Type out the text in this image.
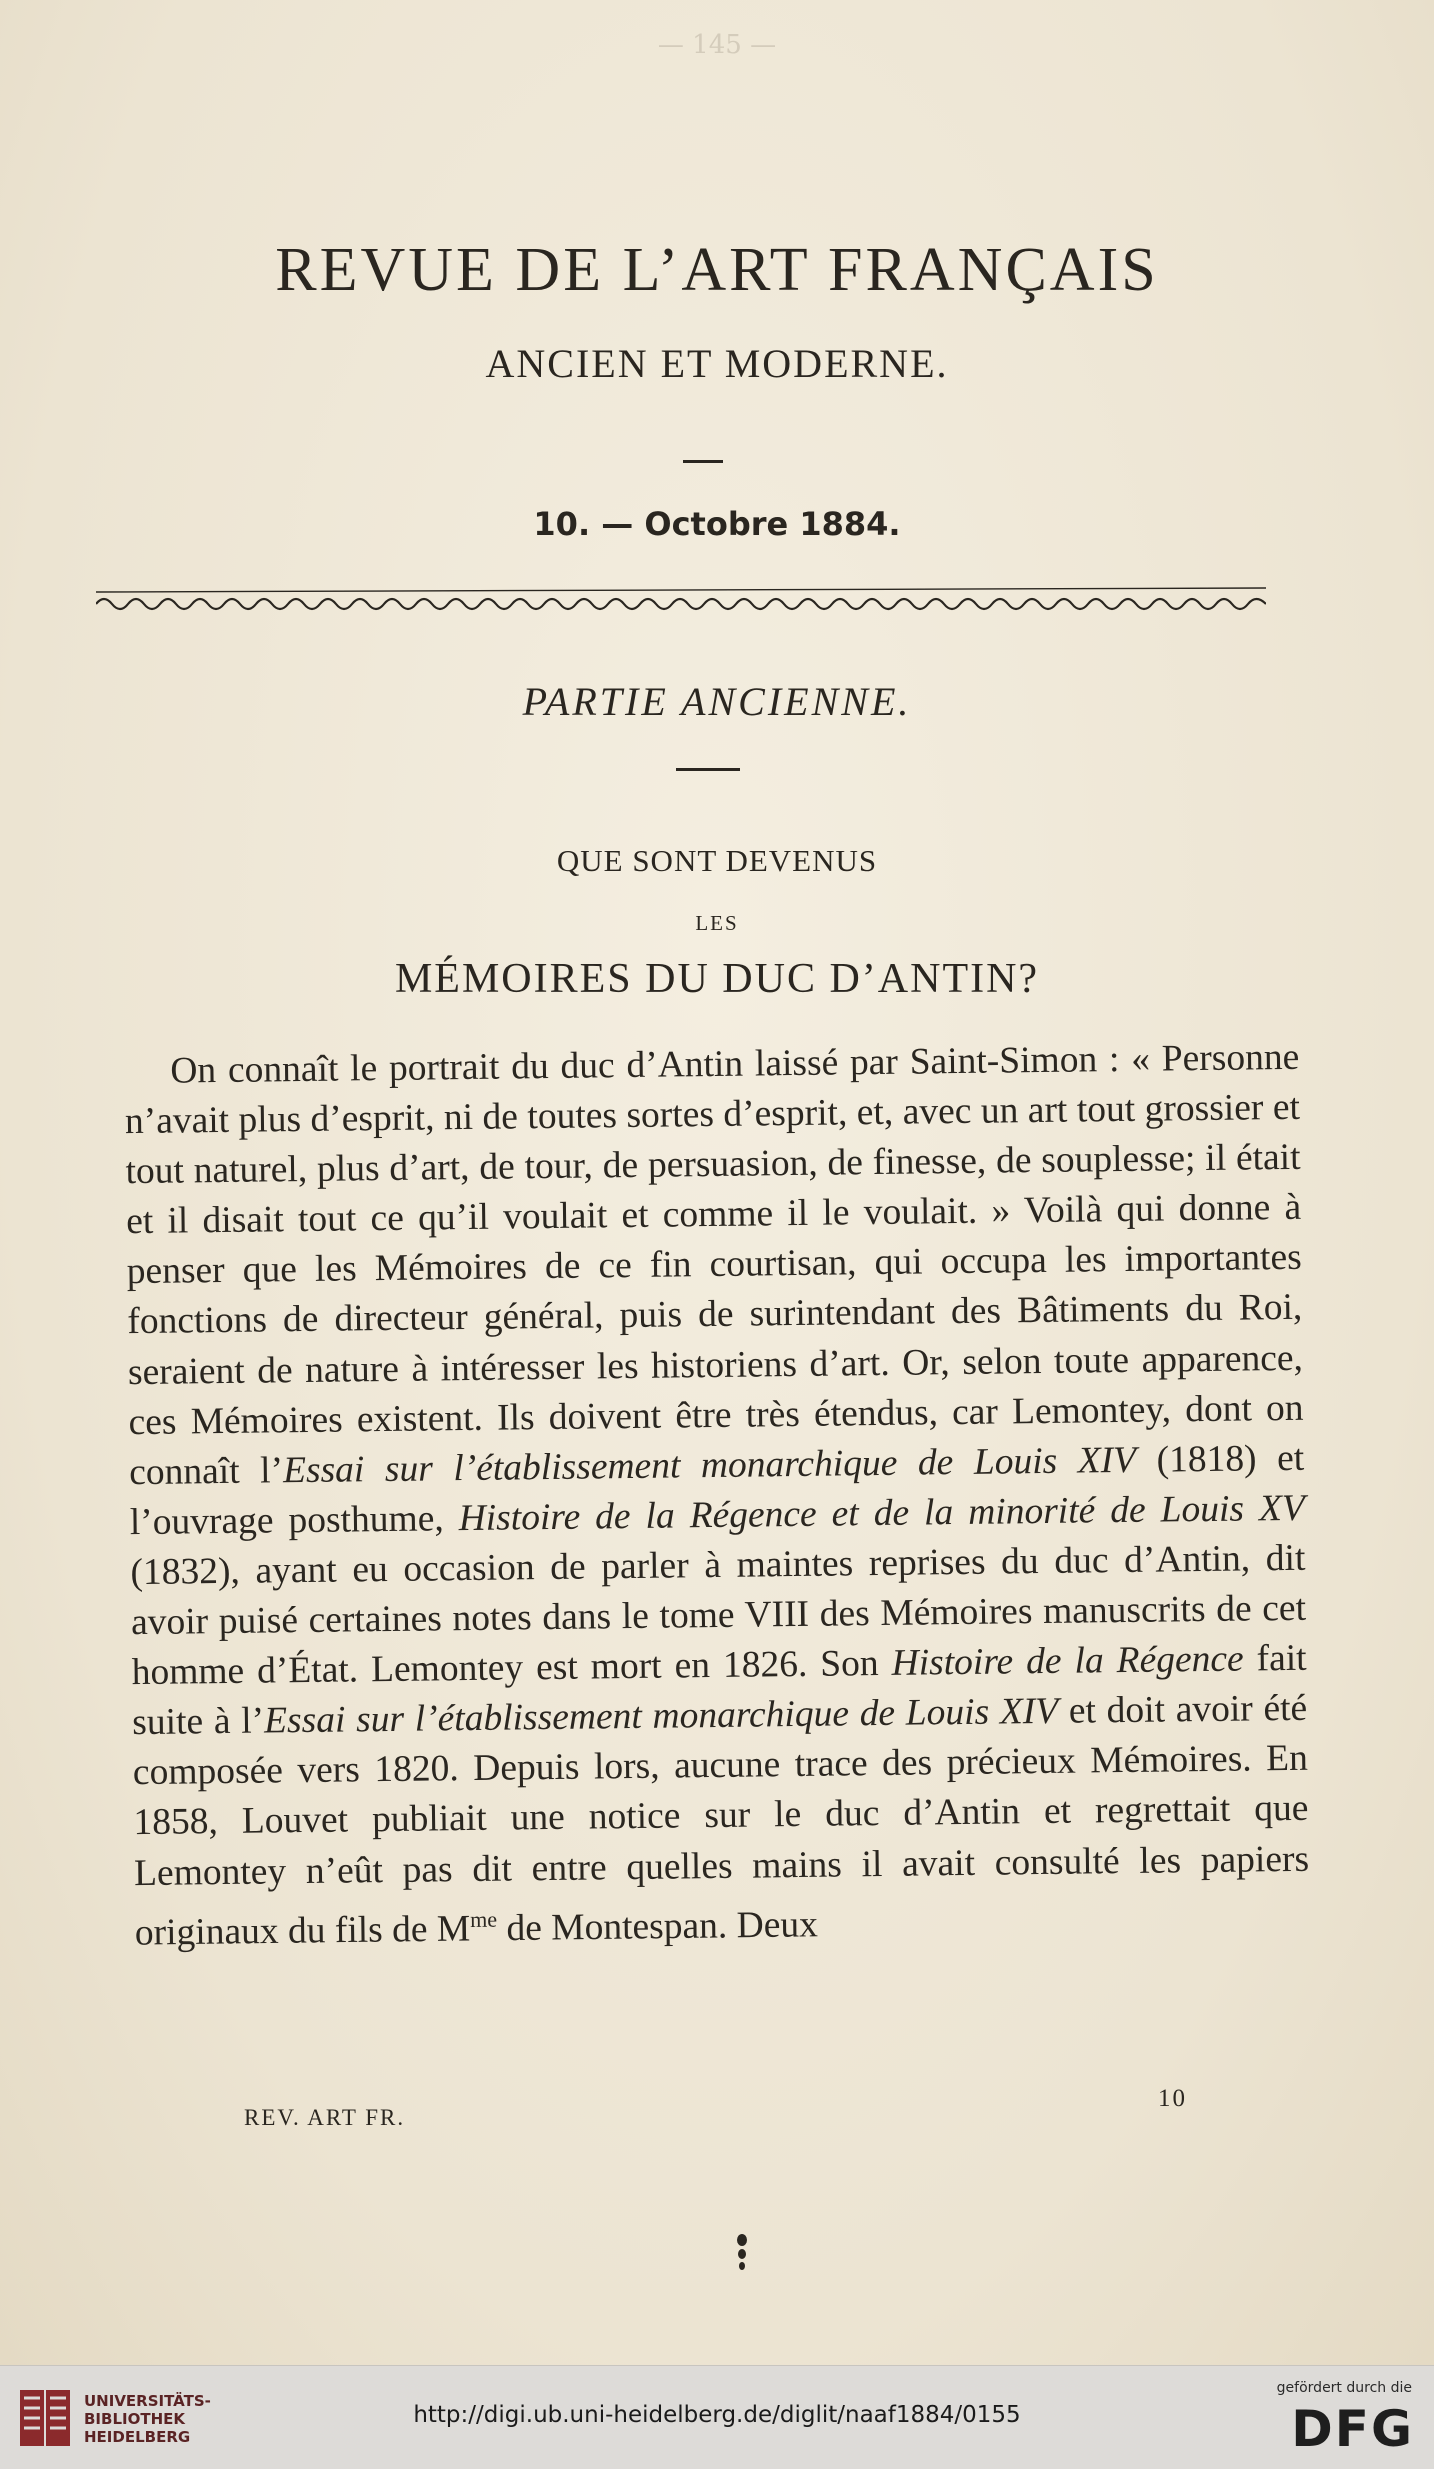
— 145 —
REVUE DE L’ART FRANÇAIS
ANCIEN ET MODERNE.
10. — Octobre 1884.
PARTIE ANCIENNE.
QUE SONT DEVENUS
LES
MÉMOIRES DU DUC D’ANTIN?

On connaît le portrait du duc d’Antin laissé par Saint-Simon : « Personne n’avait plus d’esprit, ni de toutes sortes d’esprit, et, avec un art tout grossier et tout naturel, plus d’art, de tour, de persuasion, de finesse, de souplesse; il était et il disait tout ce qu’il voulait et comme il le voulait. » Voilà qui donne à penser que les Mémoires de ce fin courtisan, qui occupa les importantes fonctions de directeur général, puis de surintendant des Bâtiments du Roi, seraient de nature à intéresser les historiens d’art. Or, selon toute apparence, ces Mémoires existent. Ils doivent être très étendus, car Lemontey, dont on connaît l’Essai sur l’établissement monarchique de Louis XIV (1818) et l’ouvrage posthume, Histoire de la Régence et de la minorité de Louis XV (1832), ayant eu occasion de parler à maintes reprises du duc d’Antin, dit avoir puisé certaines notes dans le tome VIII des Mémoires manuscrits de cet homme d’État. Lemontey est mort en 1826. Son Histoire de la Régence fait suite à l’Essai sur l’établissement monarchique de Louis XIV et doit avoir été composée vers 1820. Depuis lors, aucune trace des précieux Mémoires. En 1858, Louvet publiait une notice sur le duc d’Antin et regrettait que Lemontey n’eût pas dit entre quelles mains il avait consulté les papiers originaux du fils de $M^{me}$ de Montespan. Deux

REV. ART FR.
10
UNIVERSITÄTS-
BIBLIOTHEK
HEIDELBERG
http://digi.ub.uni-heidelberg.de/diglit/naaf1884/0155
gefördert durch die
DFG
